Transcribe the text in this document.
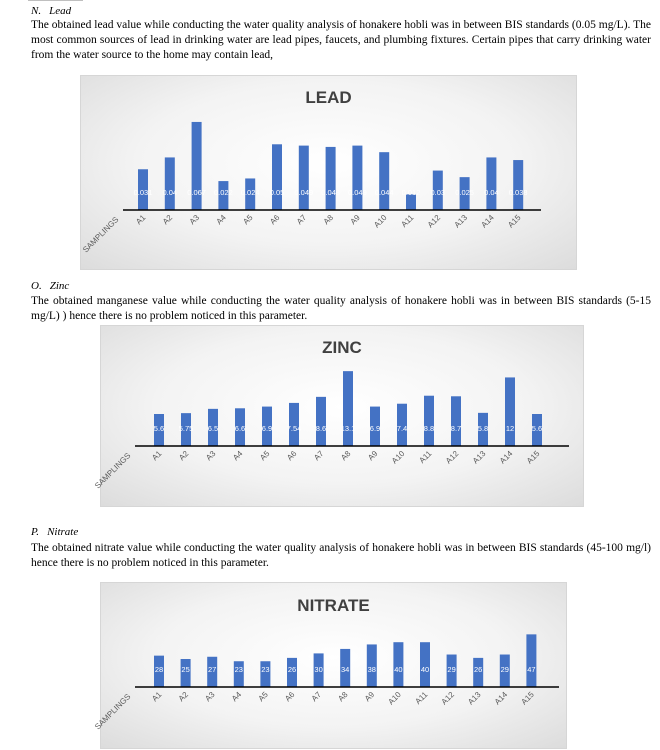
N. Lead
The obtained lead value while conducting the water quality analysis of honakere hobli was in between BIS standards (0.05 mg/L). The most common sources of lead in drinking water are lead pipes, faucets, and plumbing fixtures. Certain pipes that carry drinking water from the water source to the home may contain lead,
LEAD
0.031
A1
0.04
A2
0.067
A3
0.022
A4
0.024
A5
0.05
A6
0.049
A7
0.048
A8
0.049
A9
0.044
A10
0.012
A11
0.03
A12
0.025
A13
0.04
A14
0.038
A15
SAMPLINGS
O. Zinc
The obtained manganese value while conducting the water quality analysis of honakere hobli was in between BIS standards (5-15 mg/L) ) hence there is no problem noticed in this parameter.
ZINC
5.6
A1
5.75
A2
6.5
A3
6.6
A4
6.9
A5
7.54
A6
8.6
A7
13.1
A8
6.9
A9
7.4
A10
8.8
A11
8.7
A12
5.8
A13
12
A14
5.6
A15
SAMPLINGS
P. Nitrate
The obtained nitrate value while conducting the water quality analysis of honakere hobli was in between BIS standards (45-100 mg/l) hence there is no problem noticed in this parameter.
NITRATE
28
A1
25
A2
27
A3
23
A4
23
A5
26
A6
30
A7
34
A8
38
A9
40
A10
40
A11
29
A12
26
A13
29
A14
47
A15
SAMPLINGS
